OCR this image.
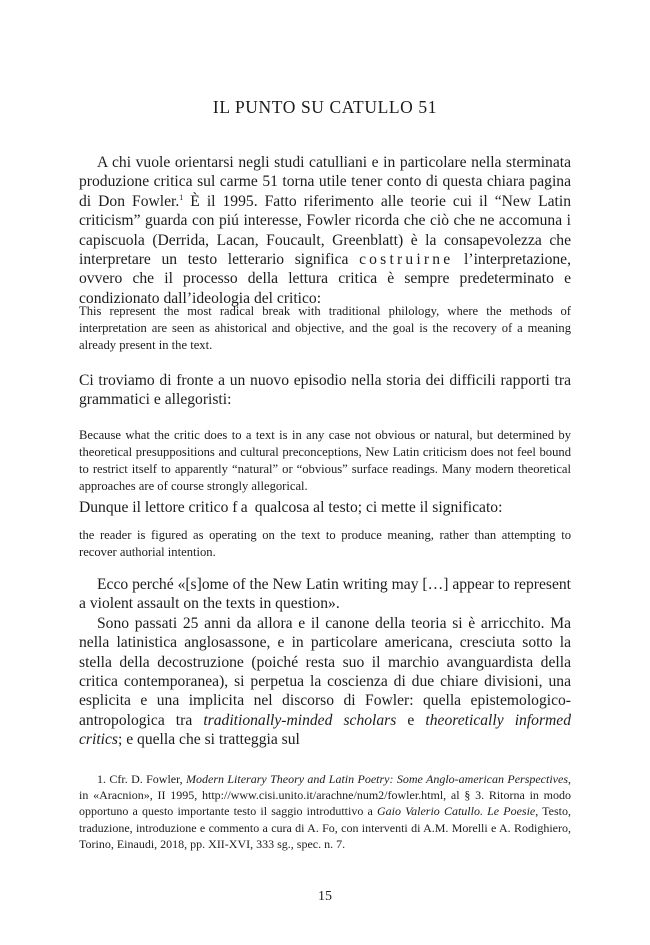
IL PUNTO SU CATULLO 51

A chi vuole orientarsi negli studi catulliani e in particolare nella sterminata produzione critica sul carme 51 torna utile tener conto di questa chiara pagina di Don Fowler.$^1$ È il 1995. Fatto riferimento alle teorie cui il “New Latin criticism” guarda con piú interesse, Fowler ricorda che ciò che ne accomuna i capiscuola (Derrida, Lacan, Foucault, Greenblatt) è la consapevolezza che interpretare un testo letterario significa costruirne l’interpretazione, ovvero che il processo della lettura critica è sempre predeterminato e condizionato dall’ideologia del critico:

This represent the most radical break with traditional philology, where the methods of interpretation are seen as ahistorical and objective, and the goal is the recovery of a meaning already present in the text.
Ci troviamo di fronte a un nuovo episodio nella storia dei difficili rapporti tra grammatici e allegoristi:
Because what the critic does to a text is in any case not obvious or natural, but determined by theoretical presuppositions and cultural preconceptions, New Latin criticism does not feel bound to restrict itself to apparently “natural” or “obvious” surface readings. Many modern theoretical approaches are of course strongly allegorical.
Dunque il lettore critico fa qualcosa al testo; ci mette il significato:
the reader is figured as operating on the text to produce meaning, rather than attempting to recover authorial intention.

Ecco perché «[s]ome of the New Latin writing may […] appear to represent a violent assault on the texts in question».

Sono passati 25 anni da allora e il canone della teoria si è arricchito. Ma nella latinistica anglosassone, e in particolare americana, cresciuta sotto la stella della decostruzione (poiché resta suo il marchio avanguardista della critica contemporanea), si perpetua la coscienza di due chiare divisioni, una esplicita e una implicita nel discorso di Fowler: quella epistemologico-antropologica tra traditionally-minded scholars e theoretically informed critics; e quella che si tratteggia sul

1. Cfr. D. Fowler, Modern Literary Theory and Latin Poetry: Some Anglo-american Perspectives, in «Aracnion», II 1995, http://www.cisi.unito.it/arachne/num2/fowler.html, al § 3. Ritorna in modo opportuno a questo importante testo il saggio introduttivo a Gaio Valerio Catullo. Le Poesie, Testo, traduzione, introduzione e commento a cura di A. Fo, con interventi di A.M. Morelli e A. Rodighiero, Torino, Einaudi, 2018, pp. XII-XVI, 333 sg., spec. n. 7.

15
